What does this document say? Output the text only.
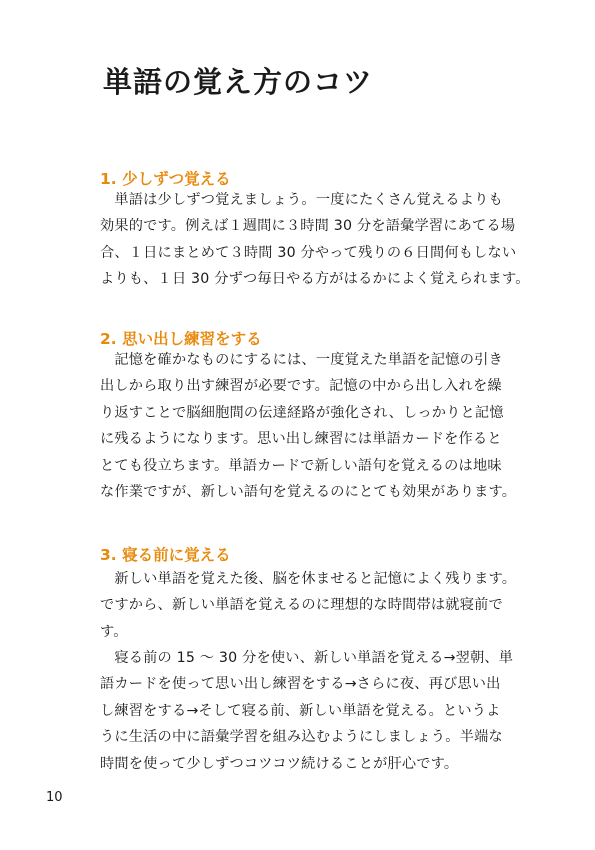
単語の覚え方のコツ
1. 少しずつ覚える
　単語は少しずつ覚えましょう。一度にたくさん覚えるよりも
効果的です。例えば１週間に３時間 30 分を語彙学習にあてる場
合、１日にまとめて３時間 30 分やって残りの６日間何もしない
よりも、１日 30 分ずつ毎日やる方がはるかによく覚えられます。
2. 思い出し練習をする
　記憶を確かなものにするには、一度覚えた単語を記憶の引き
出しから取り出す練習が必要です。記憶の中から出し入れを繰
り返すことで脳細胞間の伝達経路が強化され、しっかりと記憶
に残るようになります。思い出し練習には単語カードを作ると
とても役立ちます。単語カードで新しい語句を覚えるのは地味
な作業ですが、新しい語句を覚えるのにとても効果があります。
3. 寝る前に覚える
　新しい単語を覚えた後、脳を休ませると記憶によく残ります。
ですから、新しい単語を覚えるのに理想的な時間帯は就寝前で
す。
　寝る前の 15 〜 30 分を使い、新しい単語を覚える→翌朝、単
語カードを使って思い出し練習をする→さらに夜、再び思い出
し練習をする→そして寝る前、新しい単語を覚える。というよ
うに生活の中に語彙学習を組み込むようにしましょう。半端な
時間を使って少しずつコツコツ続けることが肝心です。

10
